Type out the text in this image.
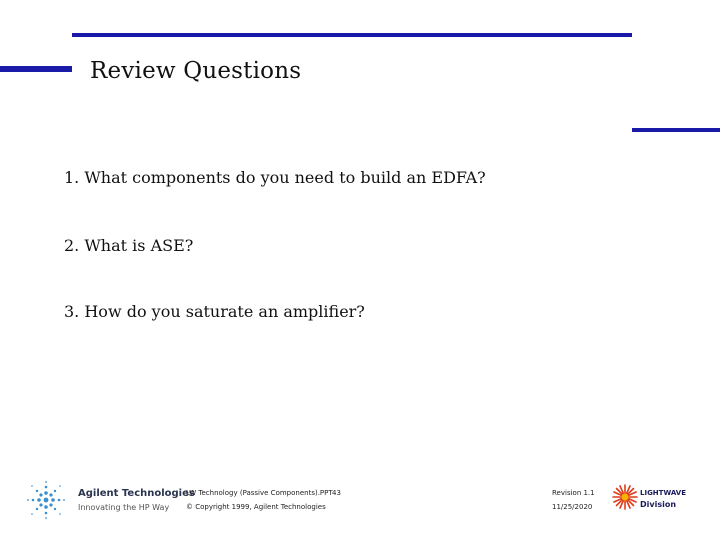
Review Questions
1. What components do you need to build an EDFA?
2. What is ASE?
3. How do you saturate an amplifier?
Agilent Technologies
Innovating the HP Way
LW Technology (Passive Components).PPT 43
© Copyright 1999, Agilent Technologies
Revision 1.1
11/25/2020
LIGHTWAVE
Division
